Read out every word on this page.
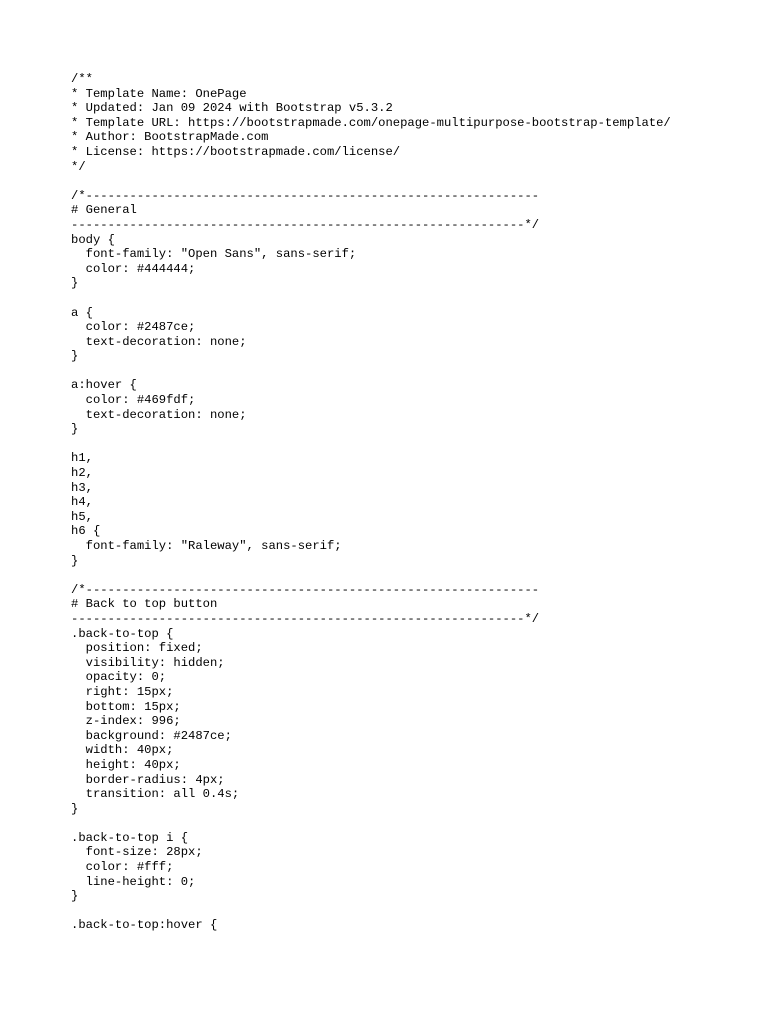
/**
* Template Name: OnePage
* Updated: Jan 09 2024 with Bootstrap v5.3.2
* Template URL: https://bootstrapmade.com/onepage-multipurpose-bootstrap-template/
* Author: BootstrapMade.com
* License: https://bootstrapmade.com/license/
*/
/*--------------------------------------------------------------
# General
--------------------------------------------------------------*/
body {
font-family: "Open Sans", sans-serif;
color: #444444;
}
a {
color: #2487ce;
text-decoration: none;
}
a:hover {
color: #469fdf;
text-decoration: none;
}
h1,
h2,
h3,
h4,
h5,
h6 {
font-family: "Raleway", sans-serif;
}
/*--------------------------------------------------------------
# Back to top button
--------------------------------------------------------------*/
.back-to-top {
position: fixed;
visibility: hidden;
opacity: 0;
right: 15px;
bottom: 15px;
z-index: 996;
background: #2487ce;
width: 40px;
height: 40px;
border-radius: 4px;
transition: all 0.4s;
}
.back-to-top i {
font-size: 28px;
color: #fff;
line-height: 0;
}
.back-to-top:hover {
